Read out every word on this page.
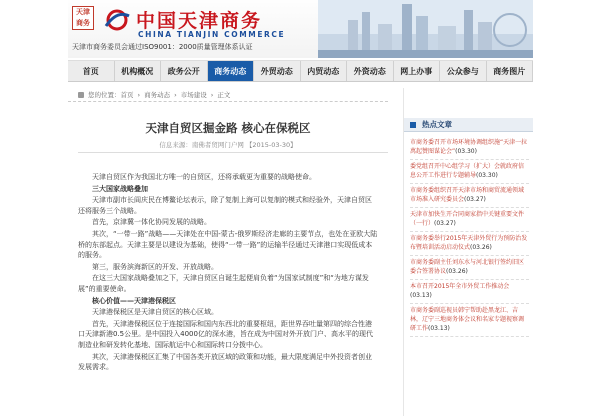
天津
商务 中国天津商务
CHINA TIANJIN COMMERCE
天津市商务委员会通过ISO9001：2000质量管理体系认证
首页	机构概况	政务公开	商务动态	外贸动态	内贸动态	外资动态	网上办事	公众参与	商务图片
您的位置：首页 › 商务动态 › 市场建设 › 正文
天津自贸区掘金路 核心在保税区
信息来源：南佛者贸网门户网 【2015-03-30】

天津自贸区作为我国北方唯一的自贸区，还将承载更为重要的战略使命。

三大国家战略叠加

天津市副市长阎庆民在博鳌论坛表示，除了复制上海可以复制的模式和经验外，天津自贸区还将服务三个战略。

首先，京津冀一体化协同发展的战略。

其次，“一带一路”战略——天津处在中国-蒙古-俄罗斯经济走廊的主要节点，也处在亚欧大陆桥的东部起点。天津主要是以建设为基础，使得“一带一路”的运输半径通过天津港口实现低成本的服务。

第三，服务滨海新区的开发、开放战略。

在这三大国家战略叠加之下，天津自贸区自诞生起便肩负着“为国家试制度”和“为地方谋发展”的重要使命。

核心价值——天津港保税区

天津港保税区是天津自贸区的核心区域。

首先，天津港保税区位于连接国际和国内东西北的重要枢纽，距世界吞吐量第四的综合性港口天津新港0.5公里。是中国投入4000亿的深水港，旨在成为中国对外开放门户、高水平的现代制造业和研发转化基地、国际航运中心和国际转口分拨中心。

其次，天津港保税区汇集了中国各类开放区域的政策和功能，最大限度满足中外投资者创业发展需求。

热点文章
市商务委召开市场环境协调组织施“天津一拉萬起赞图谋论会”(03.30)
委党组召开中心组学习（扩大）会就政府信息公开工作进行专题辅导(03.30)
市商务委组织召开天津市场和商贸流通领域市场准入研究委员会(03.27)
天津市加快生开合同商家指中关键重要文件（一行）(03.27)
市商务委举行2015年天津外贸行为预防治发布暨培训活动启动仪式(03.26)
市商务委副主任刘东水与河北银行签约旧区委合签署协议(03.26)
本市召开2015年全市外贸工作推动会(03.13)
市商务委副巡视员韩宁帮助赴黑龙江、吉林，辽宁三地商务体会议和名家专题视察调研工作(03.13)
